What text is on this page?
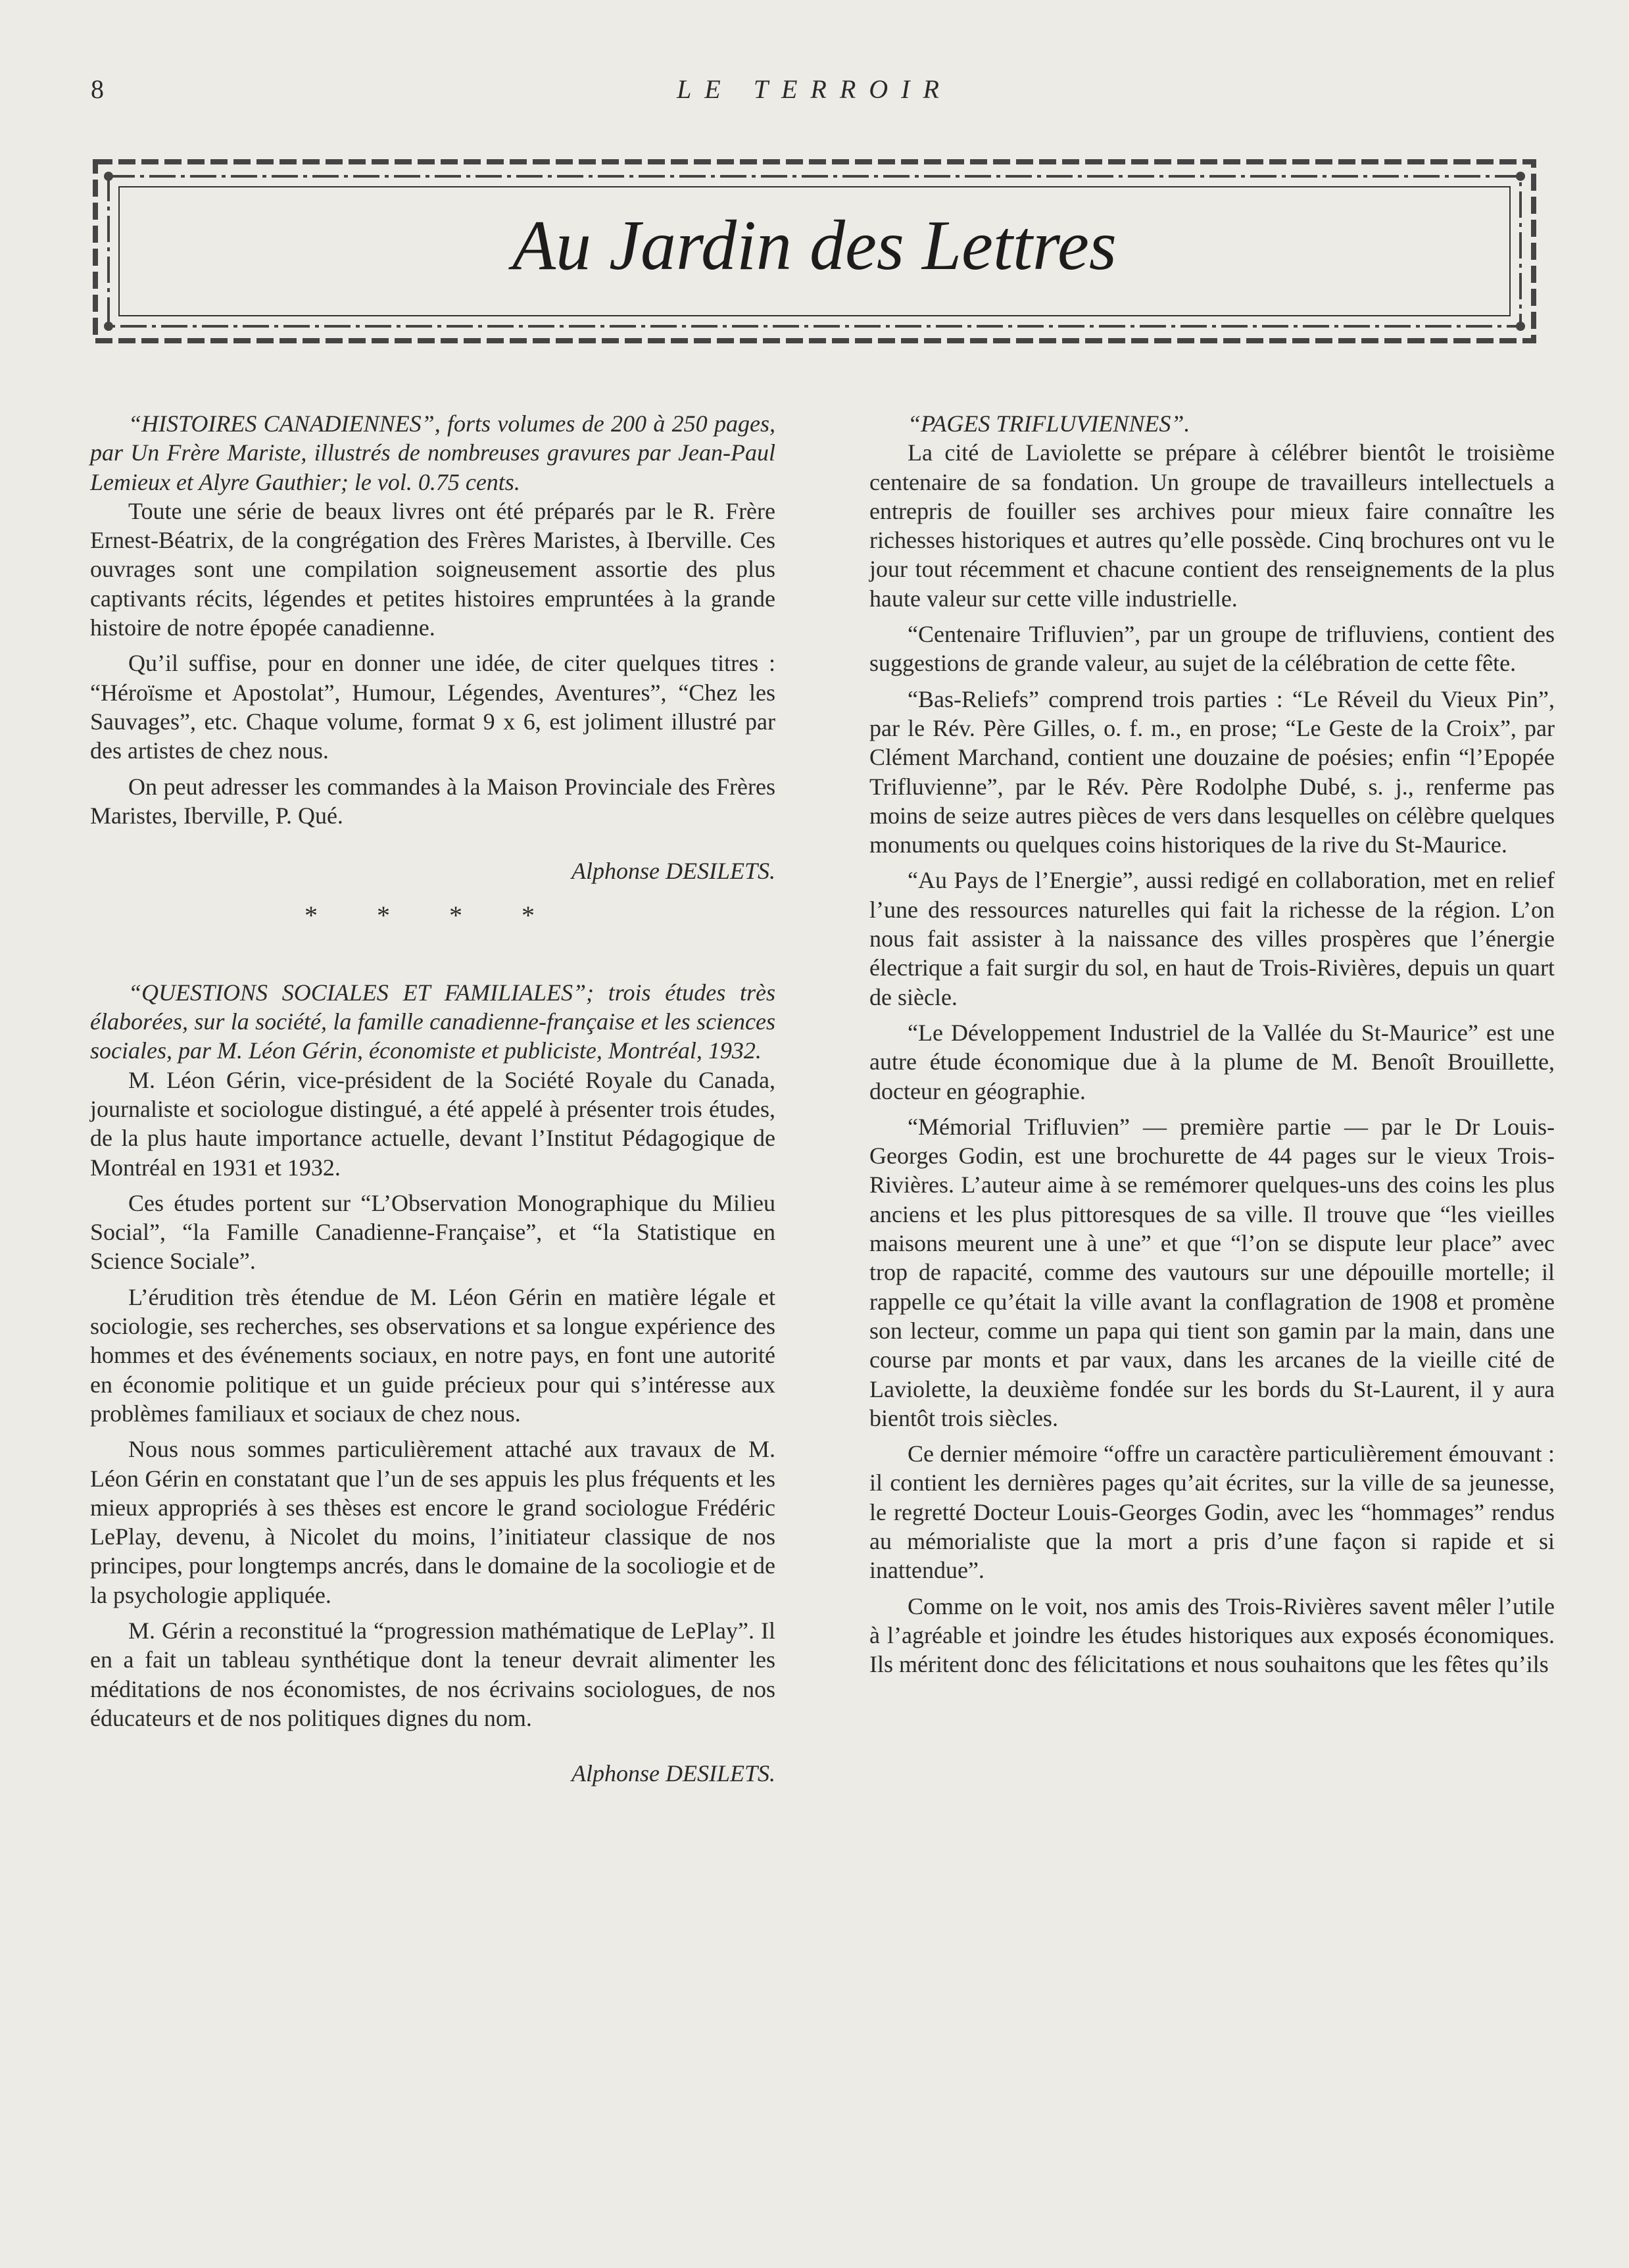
8	LE TERROIR
Au Jardin des Lettres

“HISTOIRES CANADIENNES”, forts volumes de 200 à 250 pages, par Un Frère Mariste, illustrés de nombreuses gravures par Jean-Paul Lemieux et Alyre Gauthier; le vol. 0.75 cents.

Toute une série de beaux livres ont été préparés par le R. Frère Ernest-Béatrix, de la congrégation des Frères Maristes, à Iberville. Ces ouvrages sont une compilation soigneusement assortie des plus captivants récits, légendes et petites histoires empruntées à la grande histoire de notre épopée canadienne.

Qu’il suffise, pour en donner une idée, de citer quelques titres : “Héroïsme et Apostolat”, Humour, Légendes, Aventures”, “Chez les Sauvages”, etc. Chaque volume, format 9 x 6, est joliment illustré par des artistes de chez nous.

On peut adresser les commandes à la Maison Provinciale des Frères Maristes, Iberville, P. Qué.

Alphonse DESILETS.

* * * *

“QUESTIONS SOCIALES ET FAMILIALES”; trois études très élaborées, sur la société, la famille canadienne-française et les sciences sociales, par M. Léon Gérin, économiste et publiciste, Montréal, 1932.

M. Léon Gérin, vice-président de la Société Royale du Canada, journaliste et sociologue distingué, a été appelé à présenter trois études, de la plus haute importance actuelle, devant l’Institut Pédagogique de Montréal en 1931 et 1932.

Ces études portent sur “L’Observation Monographique du Milieu Social”, “la Famille Canadienne-Française”, et “la Statistique en Science Sociale”.

L’érudition très étendue de M. Léon Gérin en matière légale et sociologie, ses recherches, ses observations et sa longue expérience des hommes et des événements sociaux, en notre pays, en font une autorité en économie politique et un guide précieux pour qui s’intéresse aux problèmes familiaux et sociaux de chez nous.

Nous nous sommes particulièrement attaché aux travaux de M. Léon Gérin en constatant que l’un de ses appuis les plus fréquents et les mieux appropriés à ses thèses est encore le grand sociologue Frédéric LePlay, devenu, à Nicolet du moins, l’initiateur classique de nos principes, pour longtemps ancrés, dans le domaine de la socoliogie et de la psychologie appliquée.

M. Gérin a reconstitué la “progression mathématique de LePlay”. Il en a fait un tableau synthétique dont la teneur devrait alimenter les méditations de nos économistes, de nos écrivains sociologues, de nos éducateurs et de nos politiques dignes du nom.

Alphonse DESILETS.

“PAGES TRIFLUVIENNES”.

La cité de Laviolette se prépare à célébrer bientôt le troisième centenaire de sa fondation. Un groupe de travailleurs intellectuels a entrepris de fouiller ses archives pour mieux faire connaître les richesses historiques et autres qu’elle possède. Cinq brochures ont vu le jour tout récemment et chacune contient des renseignements de la plus haute valeur sur cette ville industrielle.

“Centenaire Trifluvien”, par un groupe de trifluviens, contient des suggestions de grande valeur, au sujet de la célébration de cette fête.

“Bas-Reliefs” comprend trois parties : “Le Réveil du Vieux Pin”, par le Rév. Père Gilles, o. f. m., en prose; “Le Geste de la Croix”, par Clément Marchand, contient une douzaine de poésies; enfin “l’Epopée Trifluvienne”, par le Rév. Père Rodolphe Dubé, s. j., renferme pas moins de seize autres pièces de vers dans lesquelles on célèbre quelques monuments ou quelques coins historiques de la rive du St-Maurice.

“Au Pays de l’Energie”, aussi redigé en collaboration, met en relief l’une des ressources naturelles qui fait la richesse de la région. L’on nous fait assister à la naissance des villes prospères que l’énergie électrique a fait surgir du sol, en haut de Trois-Rivières, depuis un quart de siècle.

“Le Développement Industriel de la Vallée du St-Maurice” est une autre étude économique due à la plume de M. Benoît Brouillette, docteur en géographie.

“Mémorial Trifluvien” — première partie — par le Dr Louis-Georges Godin, est une brochurette de 44 pages sur le vieux Trois-Rivières. L’auteur aime à se remémorer quelques-uns des coins les plus anciens et les plus pittoresques de sa ville. Il trouve que “les vieilles maisons meurent une à une” et que “l’on se dispute leur place” avec trop de rapacité, comme des vautours sur une dépouille mortelle; il rappelle ce qu’était la ville avant la conflagration de 1908 et promène son lecteur, comme un papa qui tient son gamin par la main, dans une course par monts et par vaux, dans les arcanes de la vieille cité de Laviolette, la deuxième fondée sur les bords du St-Laurent, il y aura bientôt trois siècles.

Ce dernier mémoire “offre un caractère particulièrement émouvant : il contient les dernières pages qu’ait écrites, sur la ville de sa jeunesse, le regretté Docteur Louis-Georges Godin, avec les “hommages” rendus au mémorialiste que la mort a pris d’une façon si rapide et si inattendue”.

Comme on le voit, nos amis des Trois-Rivières savent mêler l’utile à l’agréable et joindre les études historiques aux exposés économiques. Ils méritent donc des félicitations et nous souhaitons que les fêtes qu’ils
